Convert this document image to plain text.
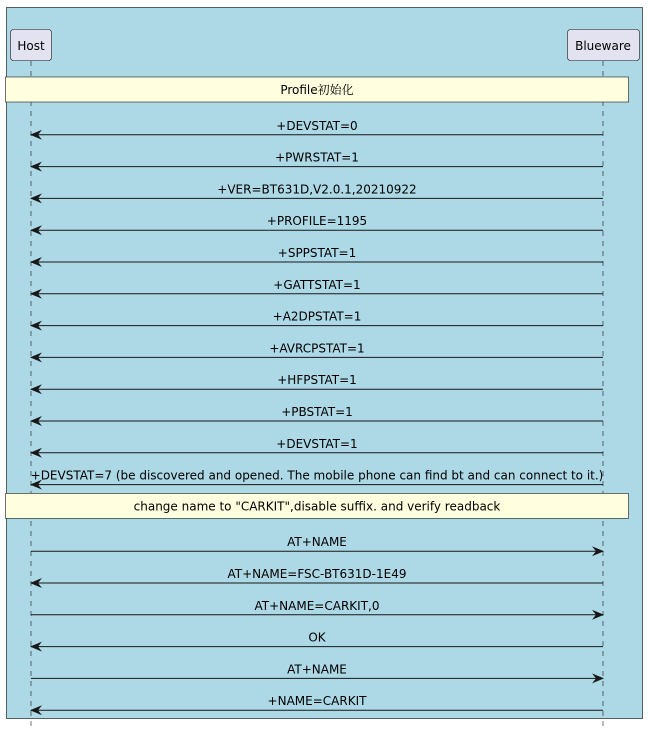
Host	Blueware
Profile初始化
+DEVSTAT=0
+PWRSTAT=1
+VER=BT631D,V2.0.1,20210922
+PROFILE=1195
+SPPSTAT=1
+GATTSTAT=1
+A2DPSTAT=1
+AVRCPSTAT=1
+HFPSTAT=1
+PBSTAT=1
+DEVSTAT=1
+DEVSTAT=7 (be discovered and opened. The mobile phone can find bt and can connect to it.)
change name to "CARKIT",disable suffix. and verify readback
AT+NAME
AT+NAME=FSC-BT631D-1E49
AT+NAME=CARKIT,0
OK
AT+NAME
+NAME=CARKIT
